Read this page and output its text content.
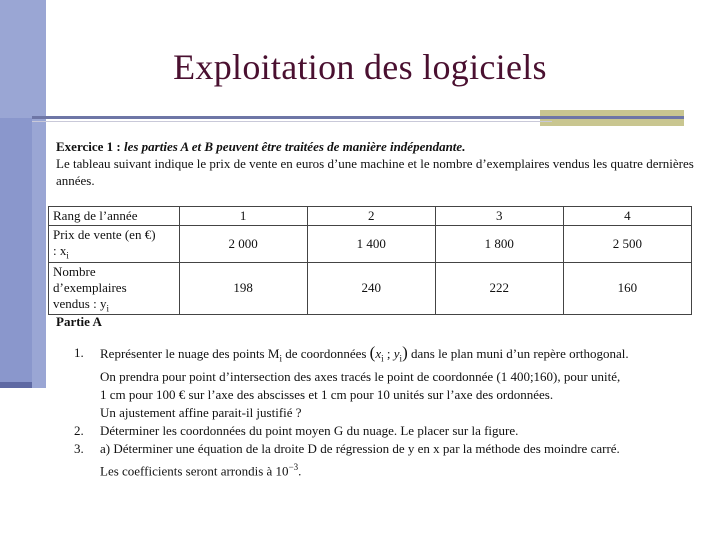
Exploitation des logiciels
Exercice 1 : les parties A et B peuvent être traitées de manière indépendante.
Le tableau suivant indique le prix de vente en euros d’une machine et le nombre d’exemplaires vendus les quatre dernières années.
Rang de l’année	1	2	3	4

Prix de vente (en €)
: $x_i$	2 000	1 400	1 800	2 500

Nombre
d’exemplaires
vendus : $y_i$	198	240	222	160
Partie A
1. Représenter le nuage des points $M_i$ de coordonnées ($x_i$ ; $y_i$) dans le plan muni d’un repère orthogonal.
On prendra pour point d’intersection des axes tracés le point de coordonnée (1 400;160), pour unité,
1 cm pour 100 € sur l’axe des abscisses et 1 cm pour 10 unités sur l’axe des ordonnées.
Un ajustement affine parait-il justifié ?
2. Déterminer les coordonnées du point moyen G du nuage. Le placer sur la figure.
3. a) Déterminer une équation de la droite D de régression de y en x par la méthode des moindre carré.
Les coefficients seront arrondis à $10^{-3}$.
